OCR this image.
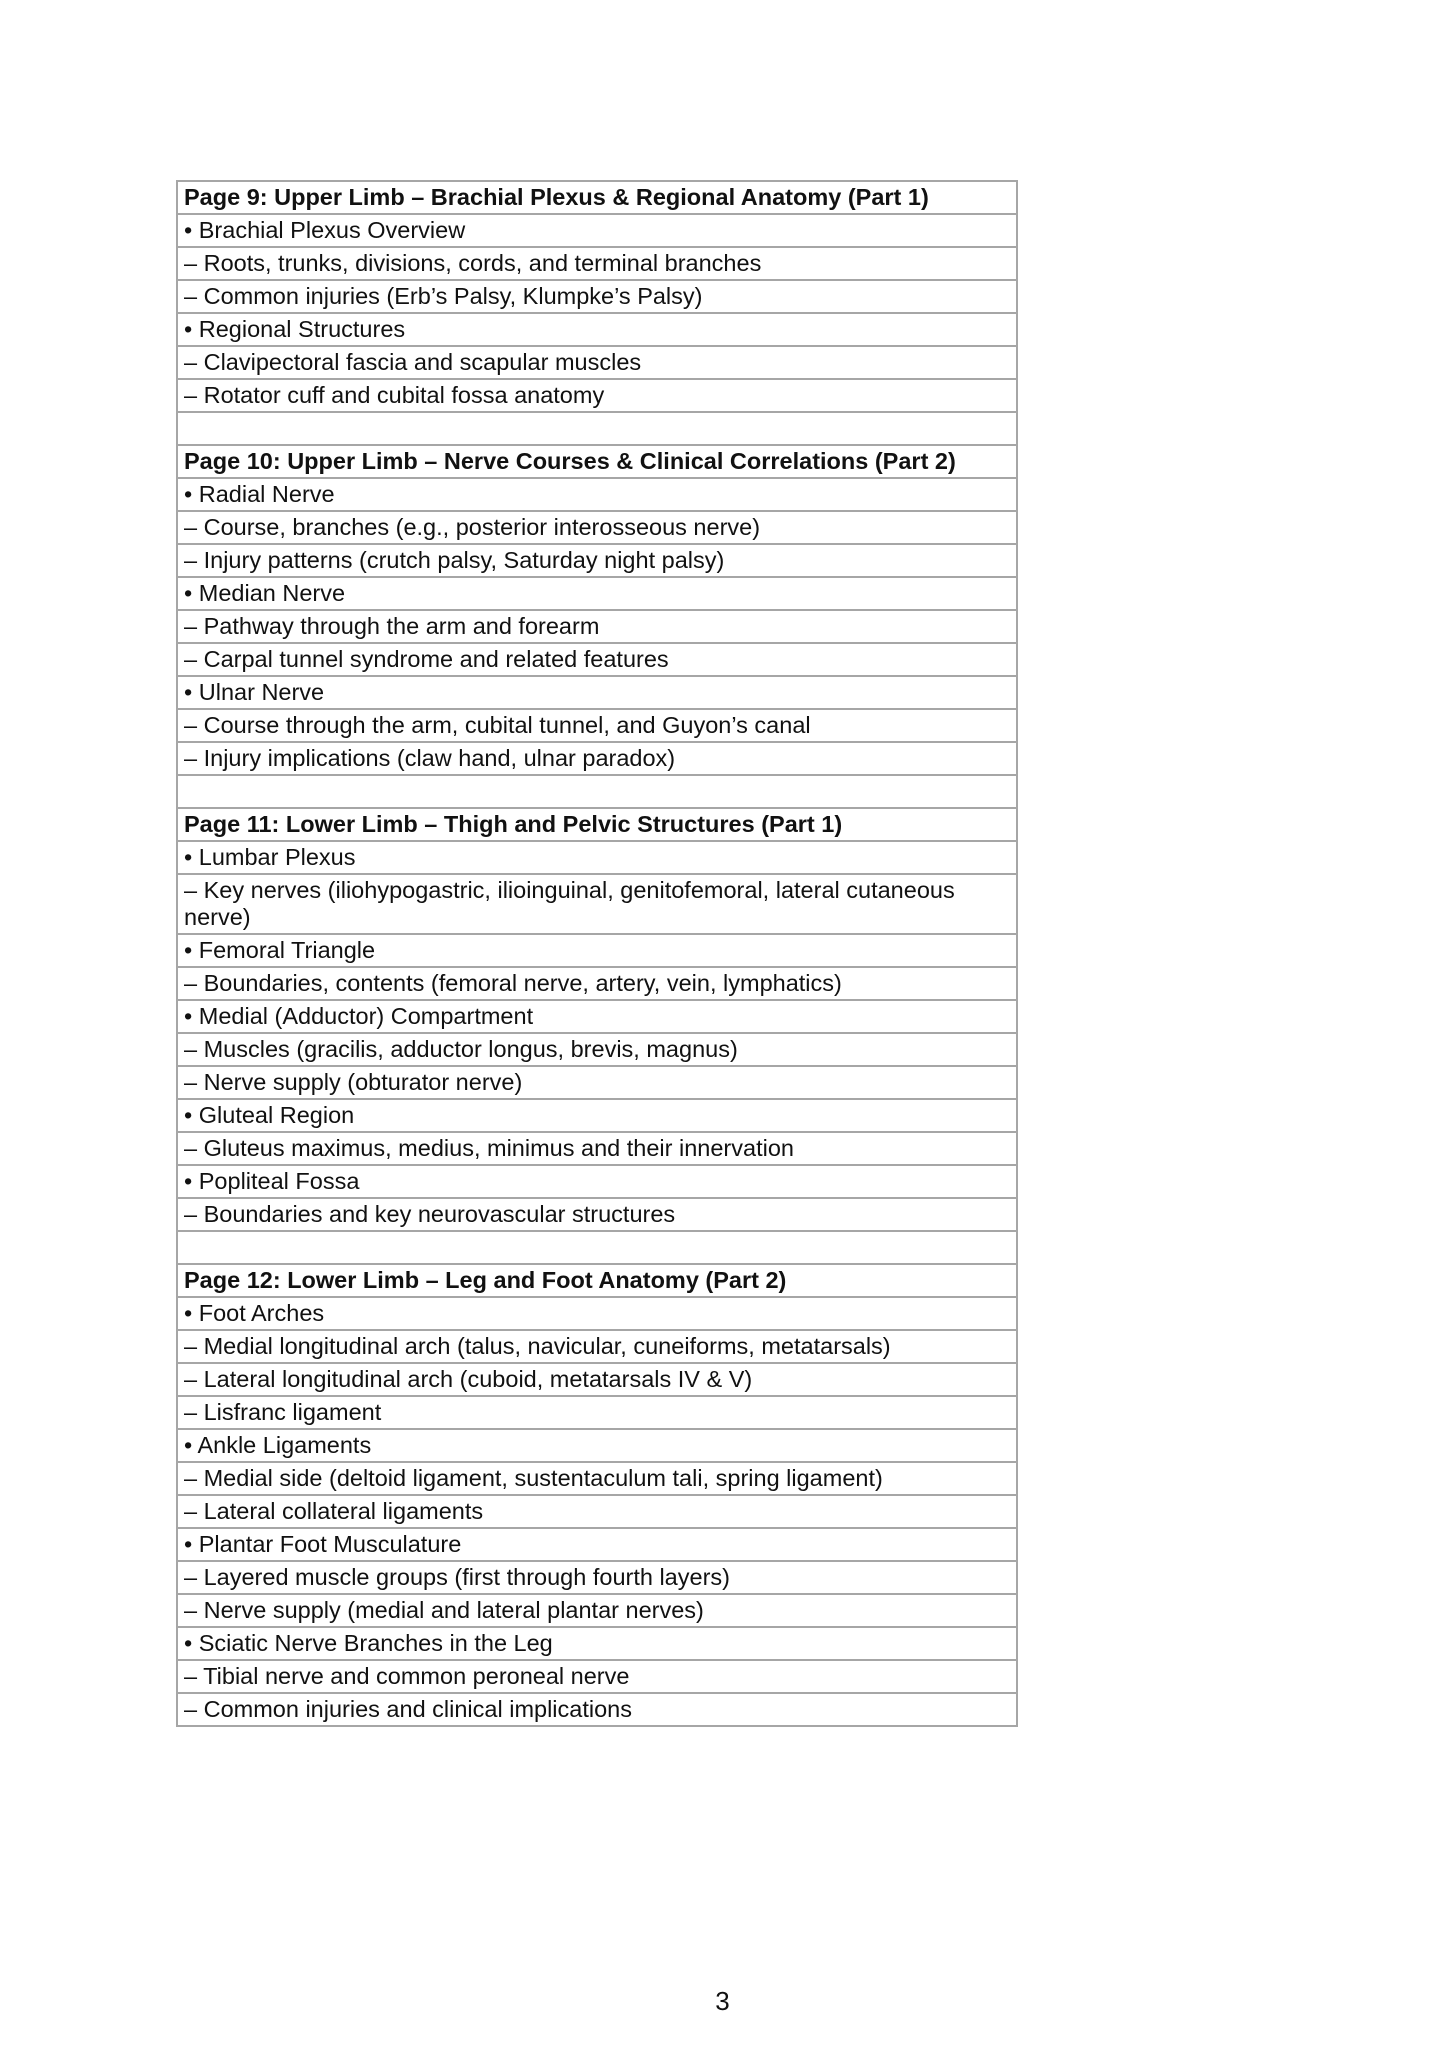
Page 9: Upper Limb – Brachial Plexus & Regional Anatomy (Part 1)
• Brachial Plexus Overview
– Roots, trunks, divisions, cords, and terminal branches
– Common injuries (Erb’s Palsy, Klumpke’s Palsy)
• Regional Structures
– Clavipectoral fascia and scapular muscles
– Rotator cuff and cubital fossa anatomy

Page 10: Upper Limb – Nerve Courses & Clinical Correlations (Part 2)
• Radial Nerve
– Course, branches (e.g., posterior interosseous nerve)
– Injury patterns (crutch palsy, Saturday night palsy)
• Median Nerve
– Pathway through the arm and forearm
– Carpal tunnel syndrome and related features
• Ulnar Nerve
– Course through the arm, cubital tunnel, and Guyon’s canal
– Injury implications (claw hand, ulnar paradox)

Page 11: Lower Limb – Thigh and Pelvic Structures (Part 1)
• Lumbar Plexus
– Key nerves (iliohypogastric, ilioinguinal, genitofemoral, lateral cutaneous nerve)
• Femoral Triangle
– Boundaries, contents (femoral nerve, artery, vein, lymphatics)
• Medial (Adductor) Compartment
– Muscles (gracilis, adductor longus, brevis, magnus)
– Nerve supply (obturator nerve)
• Gluteal Region
– Gluteus maximus, medius, minimus and their innervation
• Popliteal Fossa
– Boundaries and key neurovascular structures

Page 12: Lower Limb – Leg and Foot Anatomy (Part 2)
• Foot Arches
– Medial longitudinal arch (talus, navicular, cuneiforms, metatarsals)
– Lateral longitudinal arch (cuboid, metatarsals IV & V)
– Lisfranc ligament
• Ankle Ligaments
– Medial side (deltoid ligament, sustentaculum tali, spring ligament)
– Lateral collateral ligaments
• Plantar Foot Musculature
– Layered muscle groups (first through fourth layers)
– Nerve supply (medial and lateral plantar nerves)
• Sciatic Nerve Branches in the Leg
– Tibial nerve and common peroneal nerve
– Common injuries and clinical implications
3
